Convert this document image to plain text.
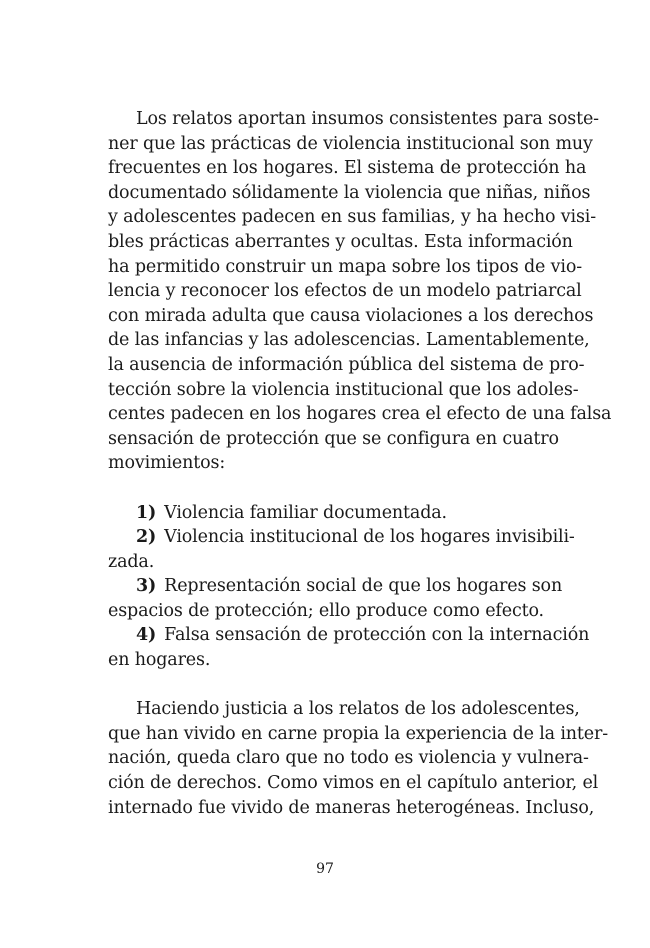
Los relatos aportan insumos consistentes para soste-
ner que las prácticas de violencia institucional son muy
frecuentes en los hogares. El sistema de protección ha
documentado sólidamente la violencia que niñas, niños
y adolescentes padecen en sus familias, y ha hecho visi-
bles prácticas aberrantes y ocultas. Esta información
ha permitido construir un mapa sobre los tipos de vio-
lencia y reconocer los efectos de un modelo patriarcal
con mirada adulta que causa violaciones a los derechos
de las infancias y las adolescencias. Lamentablemente,
la ausencia de información pública del sistema de pro-
tección sobre la violencia institucional que los adoles-
centes padecen en los hogares crea el efecto de una falsa
sensación de protección que se configura en cuatro
movimientos:
1) Violencia familiar documentada.
2) Violencia institucional de los hogares invisibili-
zada.
3) Representación social de que los hogares son
espacios de protección; ello produce como efecto.
4) Falsa sensación de protección con la internación
en hogares.
Haciendo justicia a los relatos de los adolescentes,
que han vivido en carne propia la experiencia de la inter-
nación, queda claro que no todo es violencia y vulnera-
ción de derechos. Como vimos en el capítulo anterior, el
internado fue vivido de maneras heterogéneas. Incluso,
97
